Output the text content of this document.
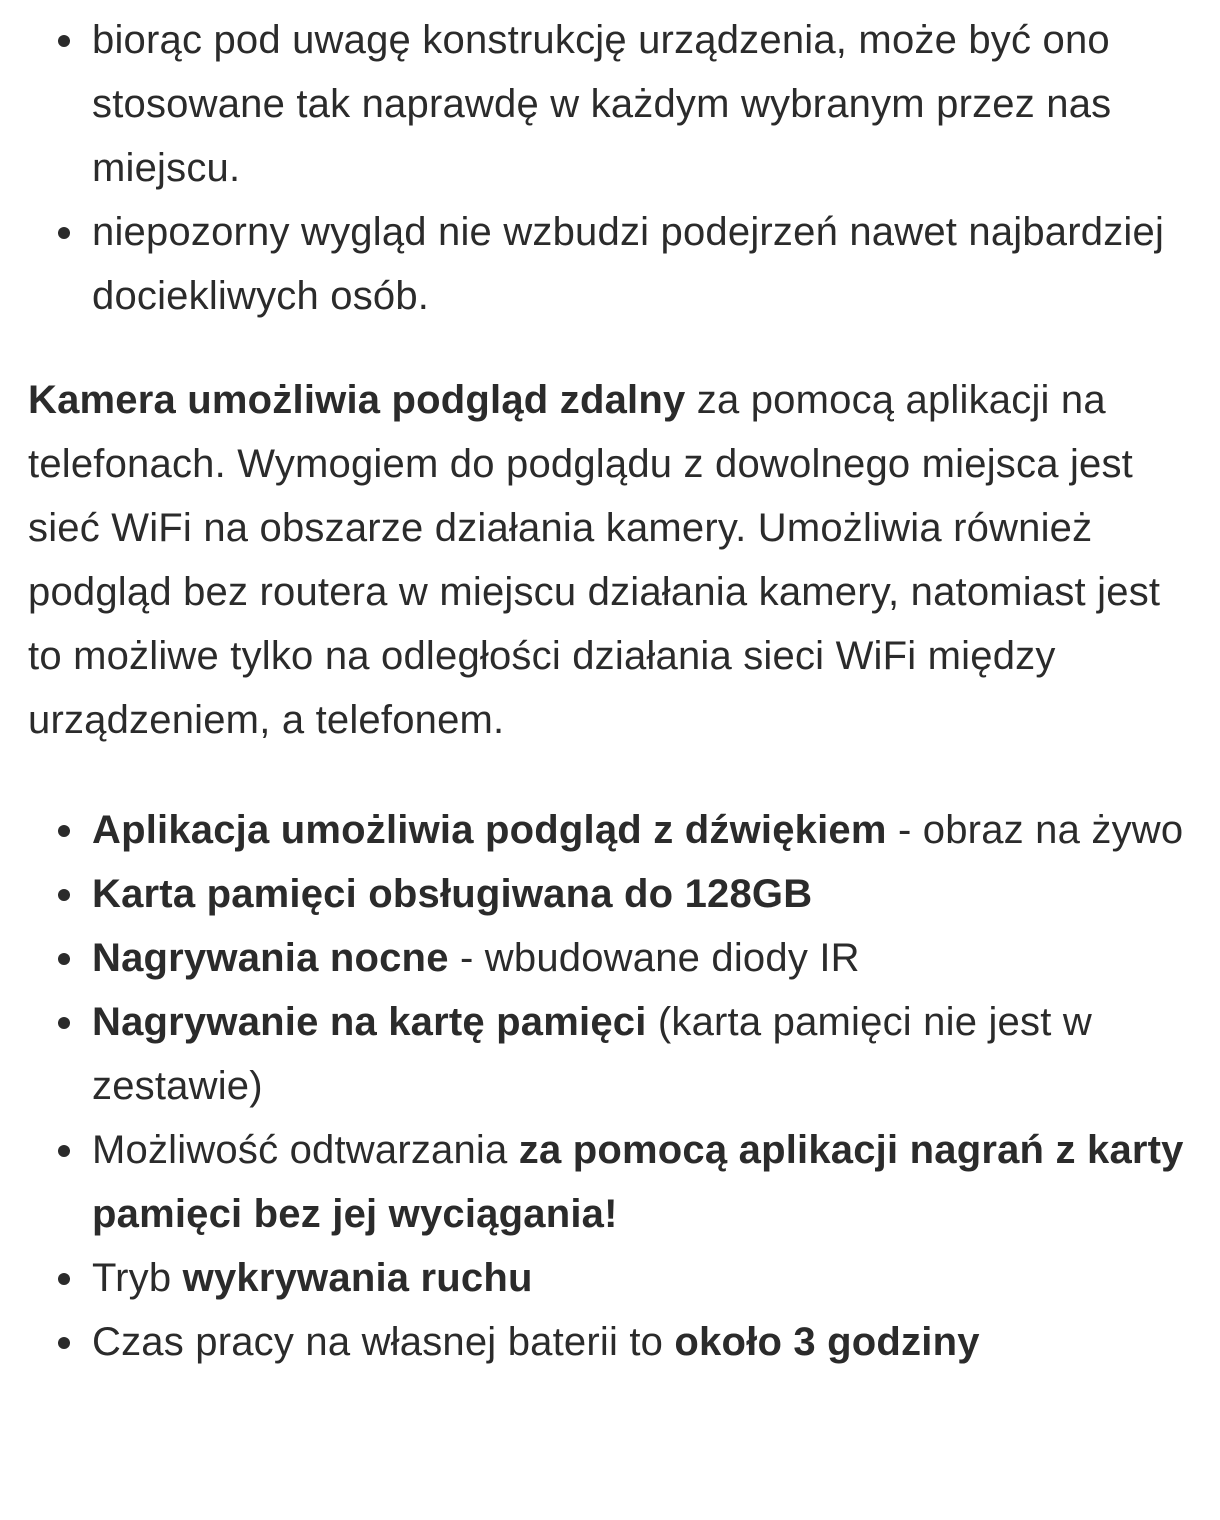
biorąc pod uwagę konstrukcję urządzenia, może być ono stosowane tak naprawdę w każdym wybranym przez nas miejscu.
niepozorny wygląd nie wzbudzi podejrzeń nawet najbardziej dociekliwych osób.

Kamera umożliwia podgląd zdalny za pomocą aplikacji na telefonach. Wymogiem do podglądu z dowolnego miejsca jest sieć WiFi na obszarze działania kamery. Umożliwia również podgląd bez routera w miejscu działania kamery, natomiast jest to możliwe tylko na odległości działania sieci WiFi między urządzeniem, a telefonem.

Aplikacja umożliwia podgląd z dźwiękiem - obraz na żywo
Karta pamięci obsługiwana do 128GB
Nagrywania nocne - wbudowane diody IR
Nagrywanie na kartę pamięci (karta pamięci nie jest w zestawie)
Możliwość odtwarzania za pomocą aplikacji nagrań z karty pamięci bez jej wyciągania!
Tryb wykrywania ruchu
Czas pracy na własnej baterii to około 3 godziny
